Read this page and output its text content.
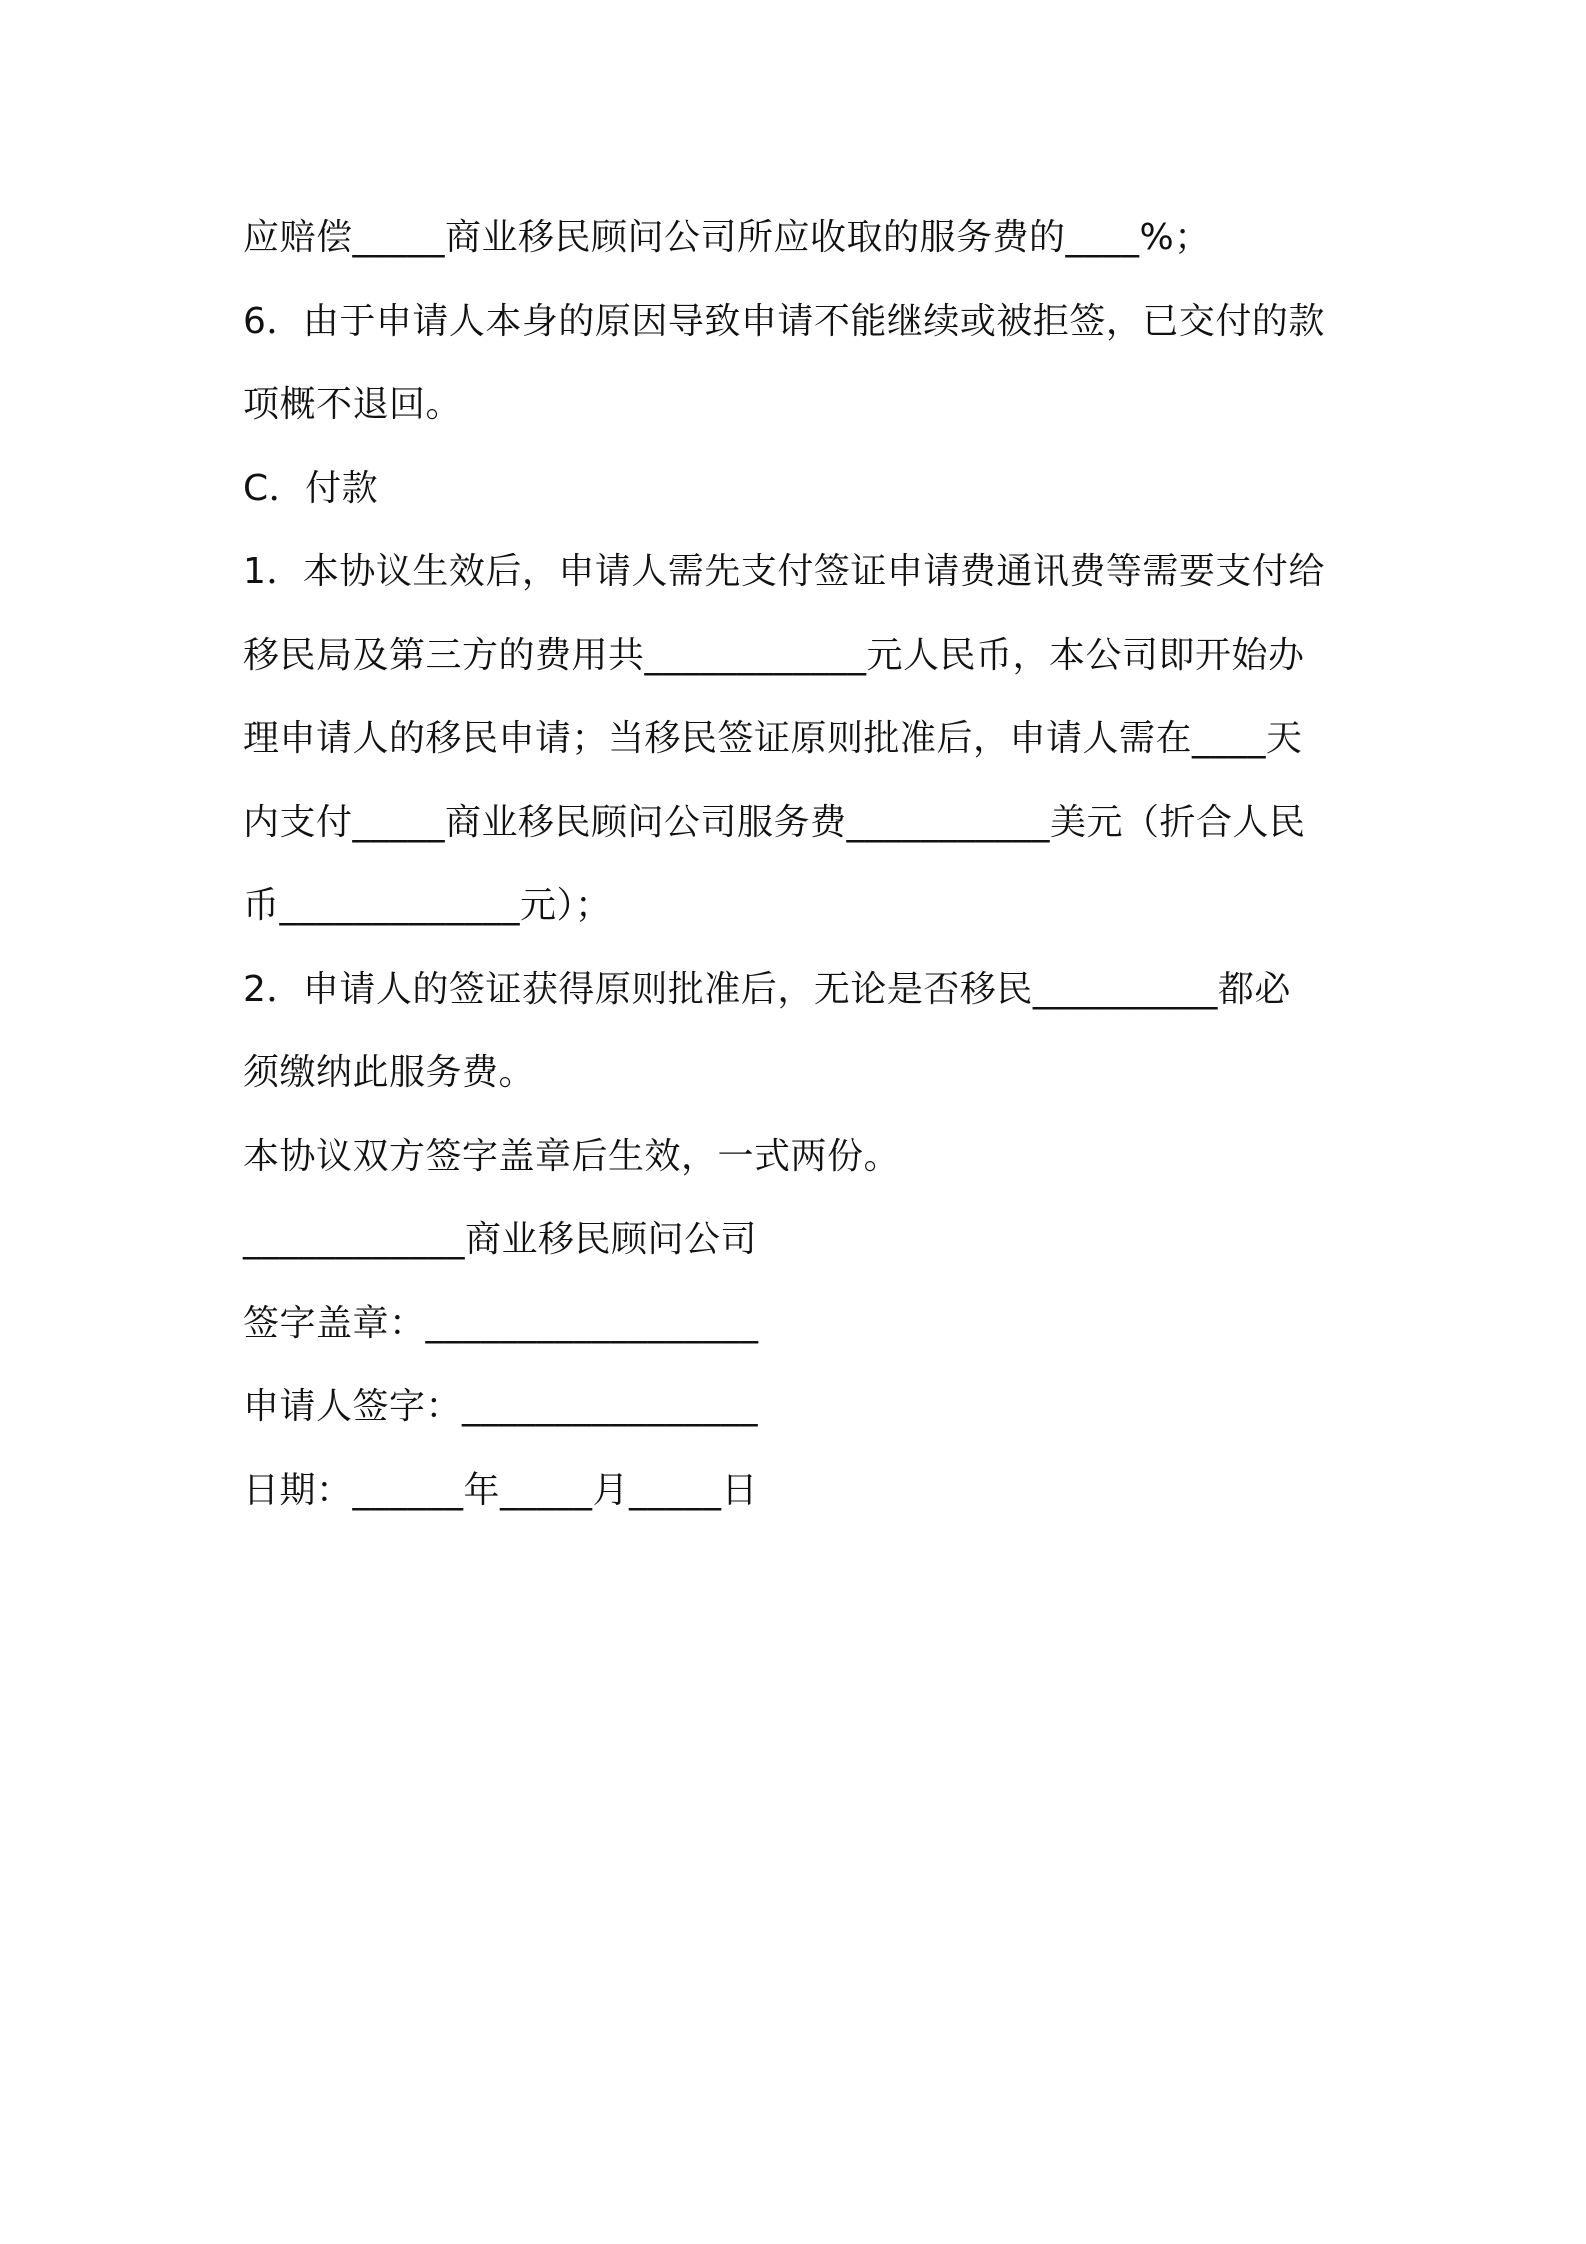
应赔偿_____商业移民顾问公司所应收取的服务费的____%；
6．由于申请人本身的原因导致申请不能继续或被拒签，已交付的款
项概不退回。
C．付款
1．本协议生效后，申请人需先支付签证申请费通讯费等需要支付给
移民局及第三方的费用共____________元人民币，本公司即开始办
理申请人的移民申请；当移民签证原则批准后，申请人需在____天
内支付_____商业移民顾问公司服务费___________美元（折合人民
币_____________元）；
2．申请人的签证获得原则批准后，无论是否移民__________都必
须缴纳此服务费。
本协议双方签字盖章后生效，一式两份。
____________商业移民顾问公司
签字盖章：__________________
申请人签字：________________
日期：______年_____月_____日
